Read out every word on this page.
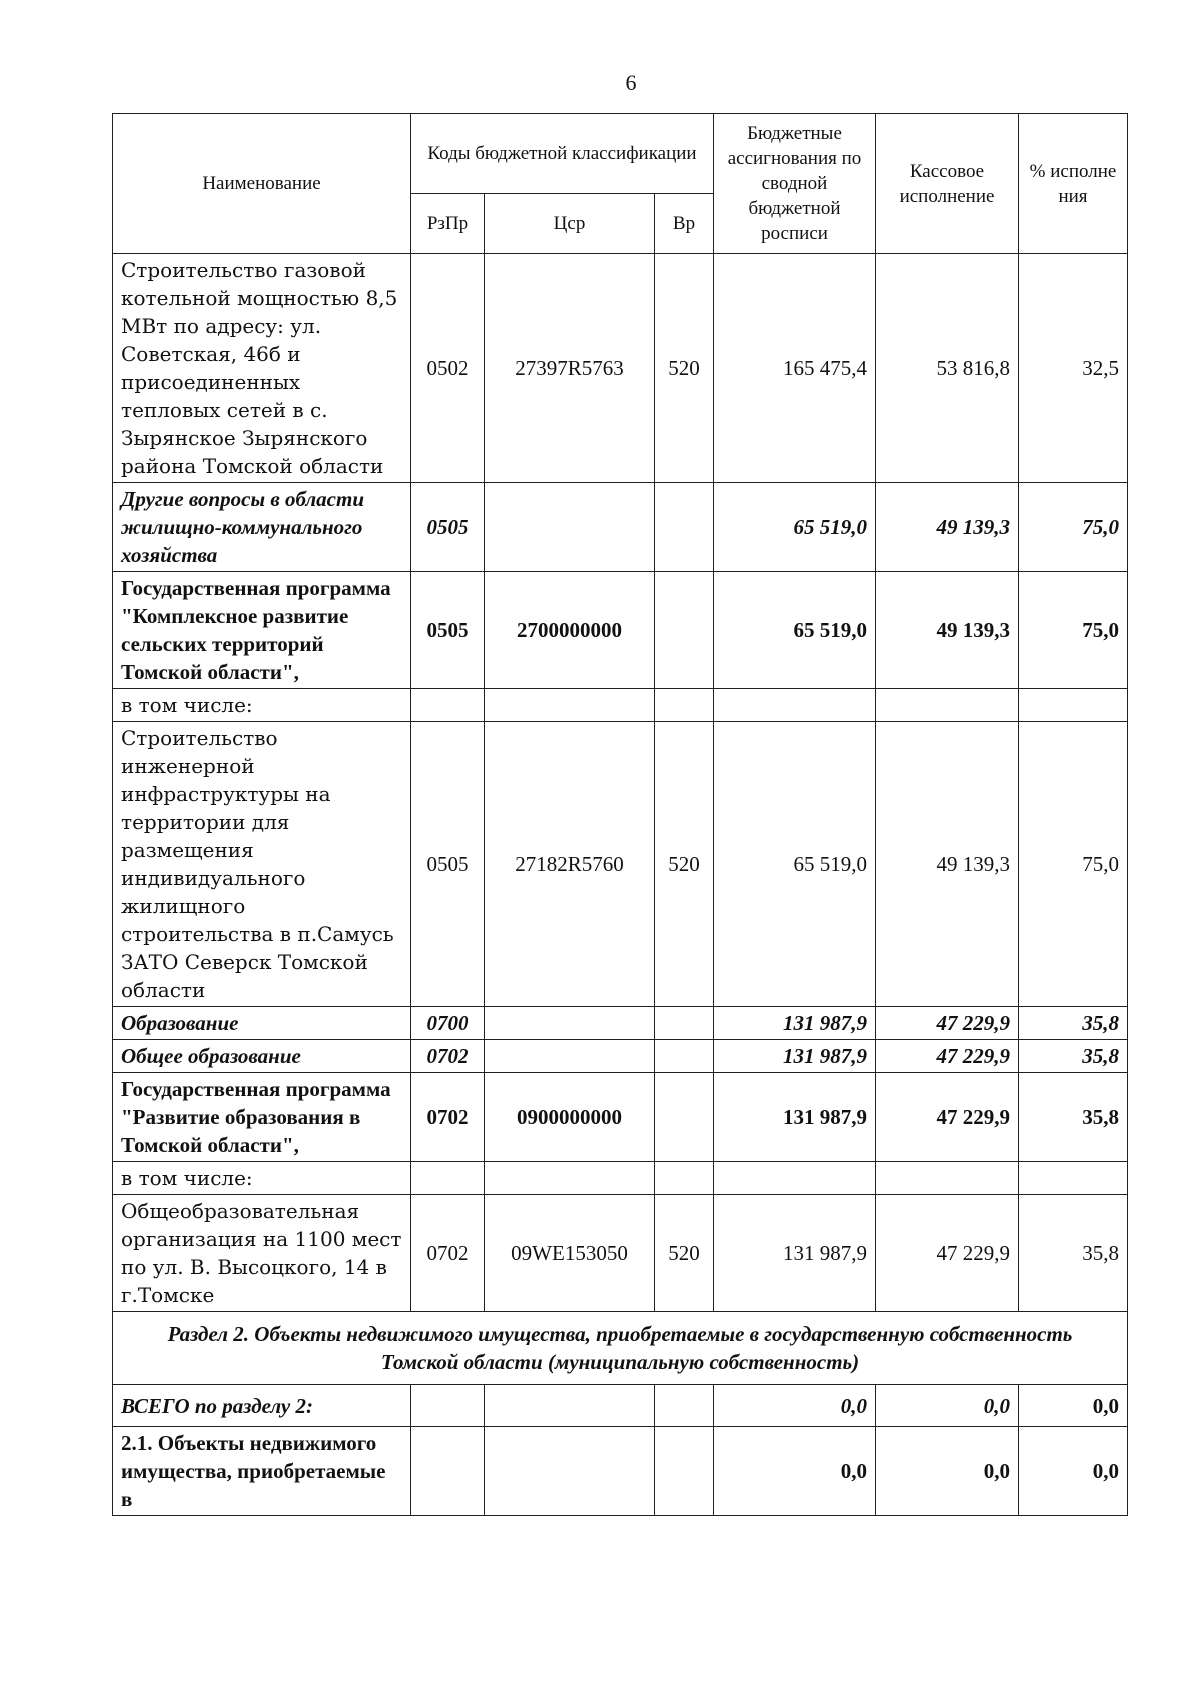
6
Наименование	Коды бюджетной классификации			Бюджетные ассигнования по сводной бюджетной росписи	Кассовое исполнение	% исполне ния
	РзПр	Цср	Вр			
Строительство газовой котельной мощностью 8,5 МВт по адресу: ул. Советская, 46б и присоединенных тепловых сетей в с. Зырянское Зырянского района Томской области	0502	27397R5763	520	165 475,4	53 816,8	32,5
Другие вопросы в области жилищно-коммунального хозяйства	0505			65 519,0	49 139,3	75,0
Государственная программа "Комплексное развитие сельских территорий Томской области",	0505	2700000000		65 519,0	49 139,3	75,0
в том числе:						
Строительство инженерной инфраструктуры на территории для размещения индивидуального жилищного строительства в п.Самусь ЗАТО Северск Томской области	0505	27182R5760	520	65 519,0	49 139,3	75,0
Образование	0700			131 987,9	47 229,9	35,8
Общее образование	0702			131 987,9	47 229,9	35,8
Государственная программа "Развитие образования в Томской области",	0702	0900000000		131 987,9	47 229,9	35,8
в том числе:						
Общеобразовательная организация на 1100 мест по ул. В. Высоцкого, 14 в г.Томске	0702	09WE153050	520	131 987,9	47 229,9	35,8
Раздел 2. Объекты недвижимого имущества, приобретаемые в государственную собственность Томской области (муниципальную собственность)						
ВСЕГО по разделу 2:				0,0	0,0	0,0
2.1. Объекты недвижимого имущества, приобретаемые в				0,0	0,0	0,0
